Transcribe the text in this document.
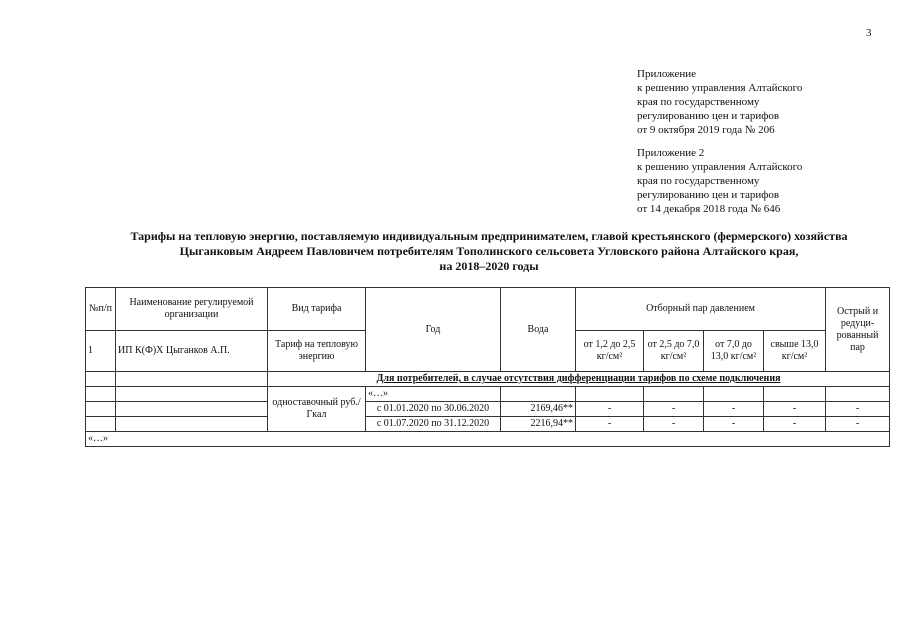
3
Приложение
к решению управления Алтайского
края по государственному
регулированию цен и тарифов
от 9 октября 2019 года № 206
Приложение 2
к решению управления Алтайского
края по государственному
регулированию цен и тарифов
от 14 декабря 2018 года № 646
Тарифы на тепловую энергию, поставляемую индивидуальным предпринимателем, главой крестьянского (фермерского) хозяйства
Цыганковым Андреем Павловичем потребителям Тополинского сельсовета Угловского района Алтайского края,
на 2018–2020 годы
№п/п	Наименование регулируемой организации	Вид тарифа	Год	Вода	Отборный пар давлением				Острый и редуци-рованный пар
1	ИП К(Ф)Х Цыганков А.П.	Тариф на тепловую энергию			от 1,2 до 2,5 кг/см²	от 2,5 до 7,0 кг/см²	от 7,0 до 13,0 кг/см²	свыше 13,0 кг/см²	
		Для потребителей, в случае отсутствия дифференциации тарифов по схеме подключения							
		одноставочный руб./Гкал	«…»						
			с 01.01.2020 по 30.06.2020	2169,46**	-	-	-	-	-
			с 01.07.2020 по 31.12.2020	2216,94**	-	-	-	-	-
«…»									
